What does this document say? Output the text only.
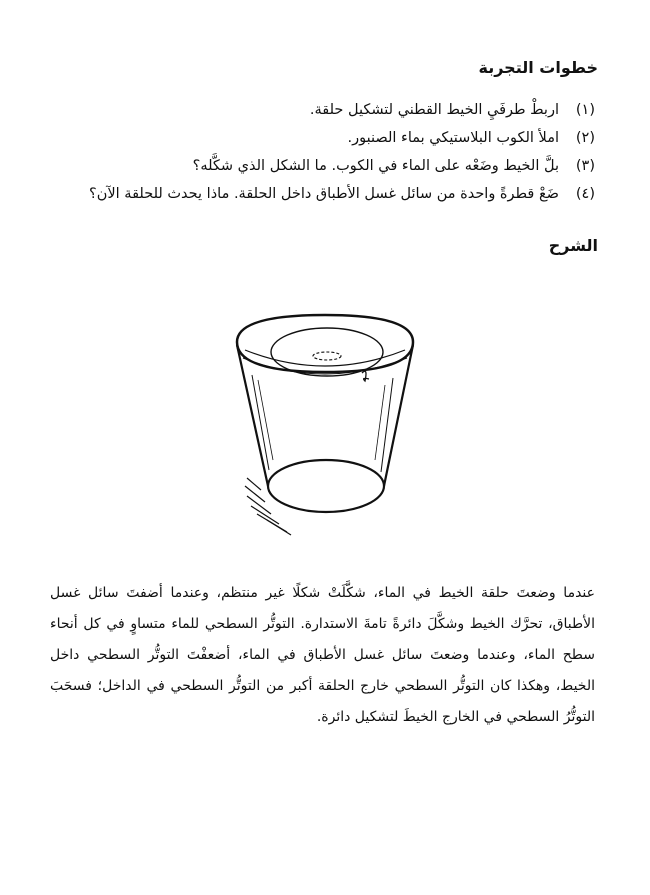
خطوات التجربة
(١)اربطْ طرفَيِ الخيط القطني لتشكيل حلقة.
(٢)املأ الكوب البلاستيكي بماء الصنبور.
(٣)بلَّ الخيط وضَعْه على الماء في الكوب. ما الشكل الذي شكَّله؟
(٤)ضَعْ قطرةً واحدة من سائل غسل الأطباق داخل الحلقة. ماذا يحدث للحلقة الآن؟
الشرح

عندما وضعتَ حلقة الخيط في الماء، شكَّلَتْ شكلًا غير منتظم، وعندما أضفتَ سائل غسل الأطباق، تحرَّك الخيط وشكَّلَ دائرةً تامةَ الاستدارة. التوتُّر السطحي للماء متساوٍ في كل أنحاء سطح الماء، وعندما وضعتَ سائل غسل الأطباق في الماء، أضعفْتَ التوتُّر السطحي داخل الخيط، وهكذا كان التوتُّر السطحي خارج الحلقة أكبر من التوتُّر السطحي في الداخل؛ فسحَبَ التوتُّرُ السطحي في الخارج الخيطَ لتشكيل دائرة.
